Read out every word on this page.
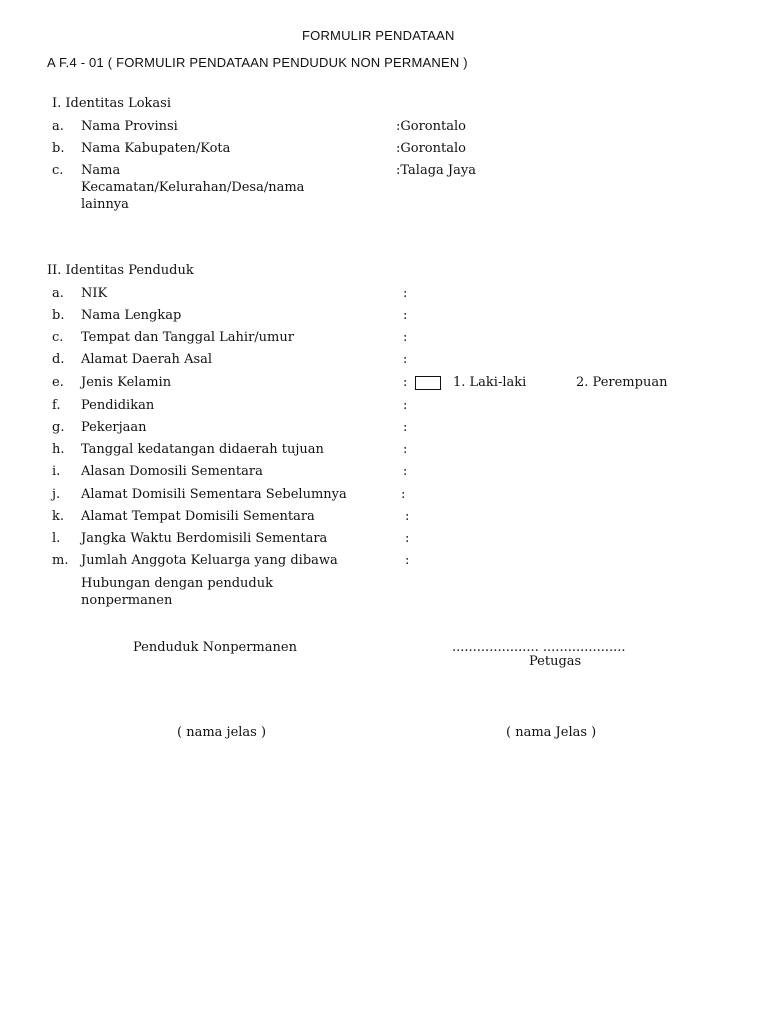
FORMULIR PENDATAAN
A F.4 - 01 ( FORMULIR PENDATAAN PENDUDUK NON PERMANEN )
I. Identitas Lokasi
a. Nama Provinsi	:Gorontalo
b. Nama Kabupaten/Kota	:Gorontalo
c. Nama
Kecamatan/Kelurahan/Desa/nama
lainnya
:Talaga Jaya
II. Identitas Penduduk
a. NIK	:
b. Nama Lengkap	:
c. Tempat dan Tanggal Lahir/umur	:
d. Alamat Daerah Asal	:
e. Jenis Kelamin	:	1. Laki-laki	2. Perempuan
f. Pendidikan	:
g. Pekerjaan	:
h. Tanggal kedatangan didaerah tujuan	:
i. Alasan Domosili Sementara	:
j. Alamat Domisili Sementara Sebelumnya	:
k. Alamat Tempat Domisili Sementara	:
l. Jangka Waktu Berdomisili Sementara	:
m. Jumlah Anggota Keluarga yang dibawa	:
Hubungan dengan penduduk
nonpermanen
Penduduk Nonpermanen	..................... ....................
Petugas
( nama jelas )	( nama Jelas )
